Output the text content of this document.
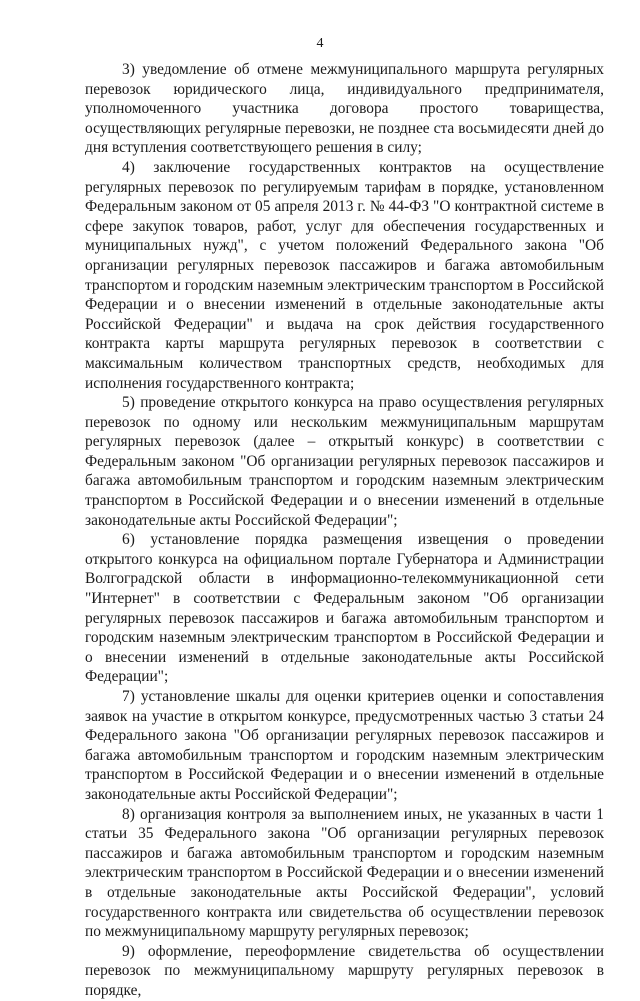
4

3) уведомление об отмене межмуниципального маршрута регулярных перевозок юридического лица, индивидуального предпринимателя, уполномоченного участника договора простого товарищества, осуществляющих регулярные перевозки, не позднее ста восьмидесяти дней до дня вступления соответствующего решения в силу;

4) заключение государственных контрактов на осуществление регулярных перевозок по регулируемым тарифам в порядке, установленном Федеральным законом от 05 апреля 2013 г. № 44-ФЗ "О контрактной системе в сфере закупок товаров, работ, услуг для обеспечения государственных и муниципальных нужд", с учетом положений Федерального закона "Об организации регулярных перевозок пассажиров и багажа автомобильным транспортом и городским наземным электрическим транспортом в Российской Федерации и о внесении изменений в отдельные законодательные акты Российской Федерации" и выдача на срок действия государственного контракта карты маршрута регулярных перевозок в соответствии с максимальным количеством транспортных средств, необходимых для исполнения государственного контракта;

5) проведение открытого конкурса на право осуществления регулярных перевозок по одному или нескольким межмуниципальным маршрутам регулярных перевозок (далее – открытый конкурс) в соответствии с Федеральным законом "Об организации регулярных перевозок пассажиров и багажа автомобильным транспортом и городским наземным электрическим транспортом в Российской Федерации и о внесении изменений в отдельные законодательные акты Российской Федерации";

6) установление порядка размещения извещения о проведении открытого конкурса на официальном портале Губернатора и Администрации Волгоградской области в информационно-телекоммуникационной сети "Интернет" в соответствии с Федеральным законом "Об организации регулярных перевозок пассажиров и багажа автомобильным транспортом и городским наземным электрическим транспортом в Российской Федерации и о внесении изменений в отдельные законодательные акты Российской Федерации";

7) установление шкалы для оценки критериев оценки и сопоставления заявок на участие в открытом конкурсе, предусмотренных частью 3 статьи 24 Федерального закона "Об организации регулярных перевозок пассажиров и багажа автомобильным транспортом и городским наземным электрическим транспортом в Российской Федерации и о внесении изменений в отдельные законодательные акты Российской Федерации";

8) организация контроля за выполнением иных, не указанных в части 1 статьи 35 Федерального закона "Об организации регулярных перевозок пассажиров и багажа автомобильным транспортом и городским наземным электрическим транспортом в Российской Федерации и о внесении изменений в отдельные законодательные акты Российской Федерации", условий государственного контракта или свидетельства об осуществлении перевозок по межмуниципальному маршруту регулярных перевозок;

9) оформление, переоформление свидетельства об осуществлении перевозок по межмуниципальному маршруту регулярных перевозок в порядке,
